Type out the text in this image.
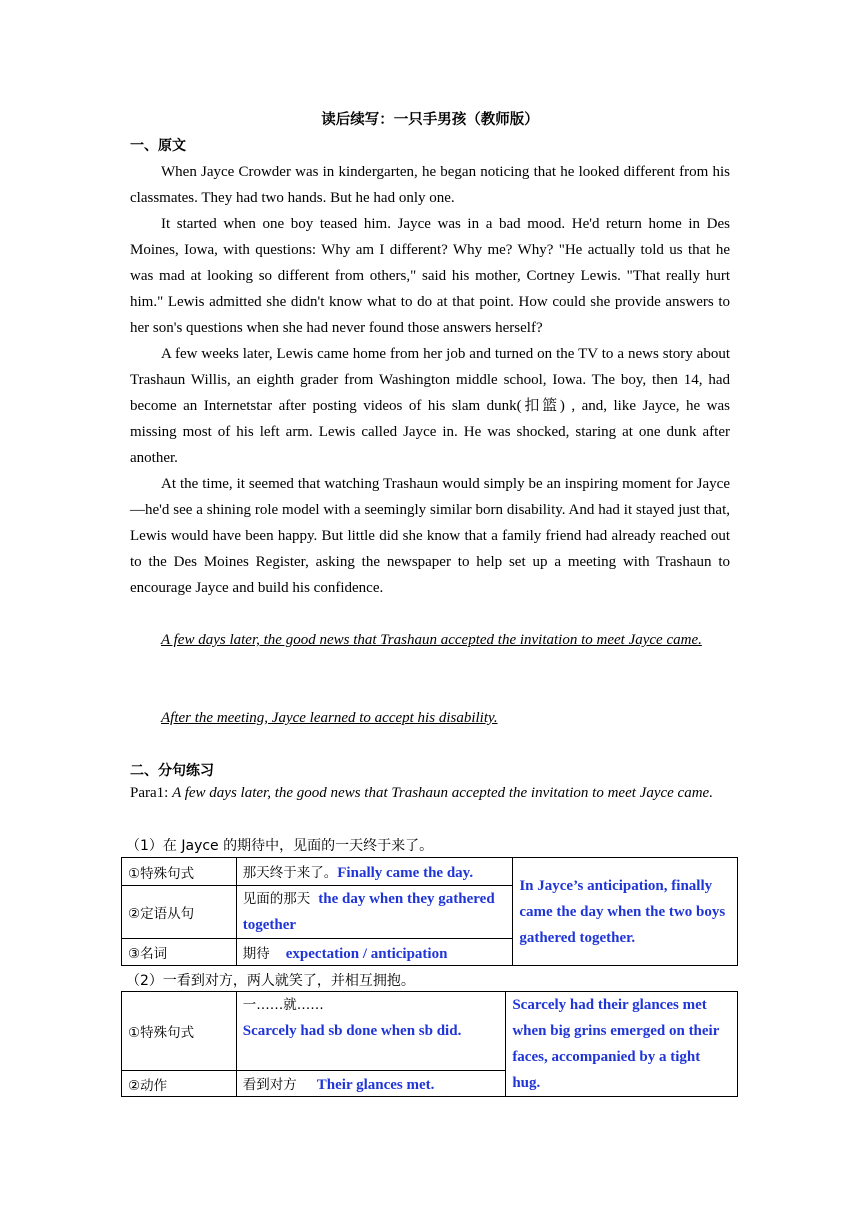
读后续写：一只手男孩（教师版）
一、原文

When Jayce Crowder was in kindergarten, he began noticing that he looked different from his classmates. They had two hands. But he had only one.

It started when one boy teased him. Jayce was in a bad mood. He'd return home in Des Moines, Iowa, with questions: Why am I different? Why me? Why? "He actually told us that he was mad at looking so different from others," said his mother, Cortney Lewis. "That really hurt him." Lewis admitted she didn't know what to do at that point. How could she provide answers to her son's questions when she had never found those answers herself?

A few weeks later, Lewis came home from her job and turned on the TV to a news story about Trashaun Willis, an eighth grader from Washington middle school, Iowa. The boy, then 14, had become an Internetstar after posting videos of his slam dunk(扣篮) , and, like Jayce, he was missing most of his left arm. Lewis called Jayce in. He was shocked, staring at one dunk after another.

At the time, it seemed that watching Trashaun would simply be an inspiring moment for Jayce—he'd see a shining role model with a seemingly similar born disability. And had it stayed just that, Lewis would have been happy. But little did she know that a family friend had already reached out to the Des Moines Register, asking the newspaper to help set up a meeting with Trashaun to encourage Jayce and build his confidence.

A few days later, the good news that Trashaun accepted the invitation to meet Jayce came.

After the meeting, Jayce learned to accept his disability.

二、分句练习
Para1: A few days later, the good news that Trashaun accepted the invitation to meet Jayce came.
（1）在 Jayce 的期待中，见面的一天终于来了。
①特殊句式	那天终于来了。Finally came the day.	In Jayce’s anticipation, finally came the day when the two boys gathered together.

②定语从句	见面的那天 the day when they gathered together	
③名词	期待 expectation / anticipation	
（2）一看到对方，两人就笑了，并相互拥抱。
①特殊句式	一……就……
Scarcely had sb done when sb did.	Scarcely had their glances met when big grins emerged on their faces, accompanied by a tight hug.

②动作	看到对方 Their glances met.	
